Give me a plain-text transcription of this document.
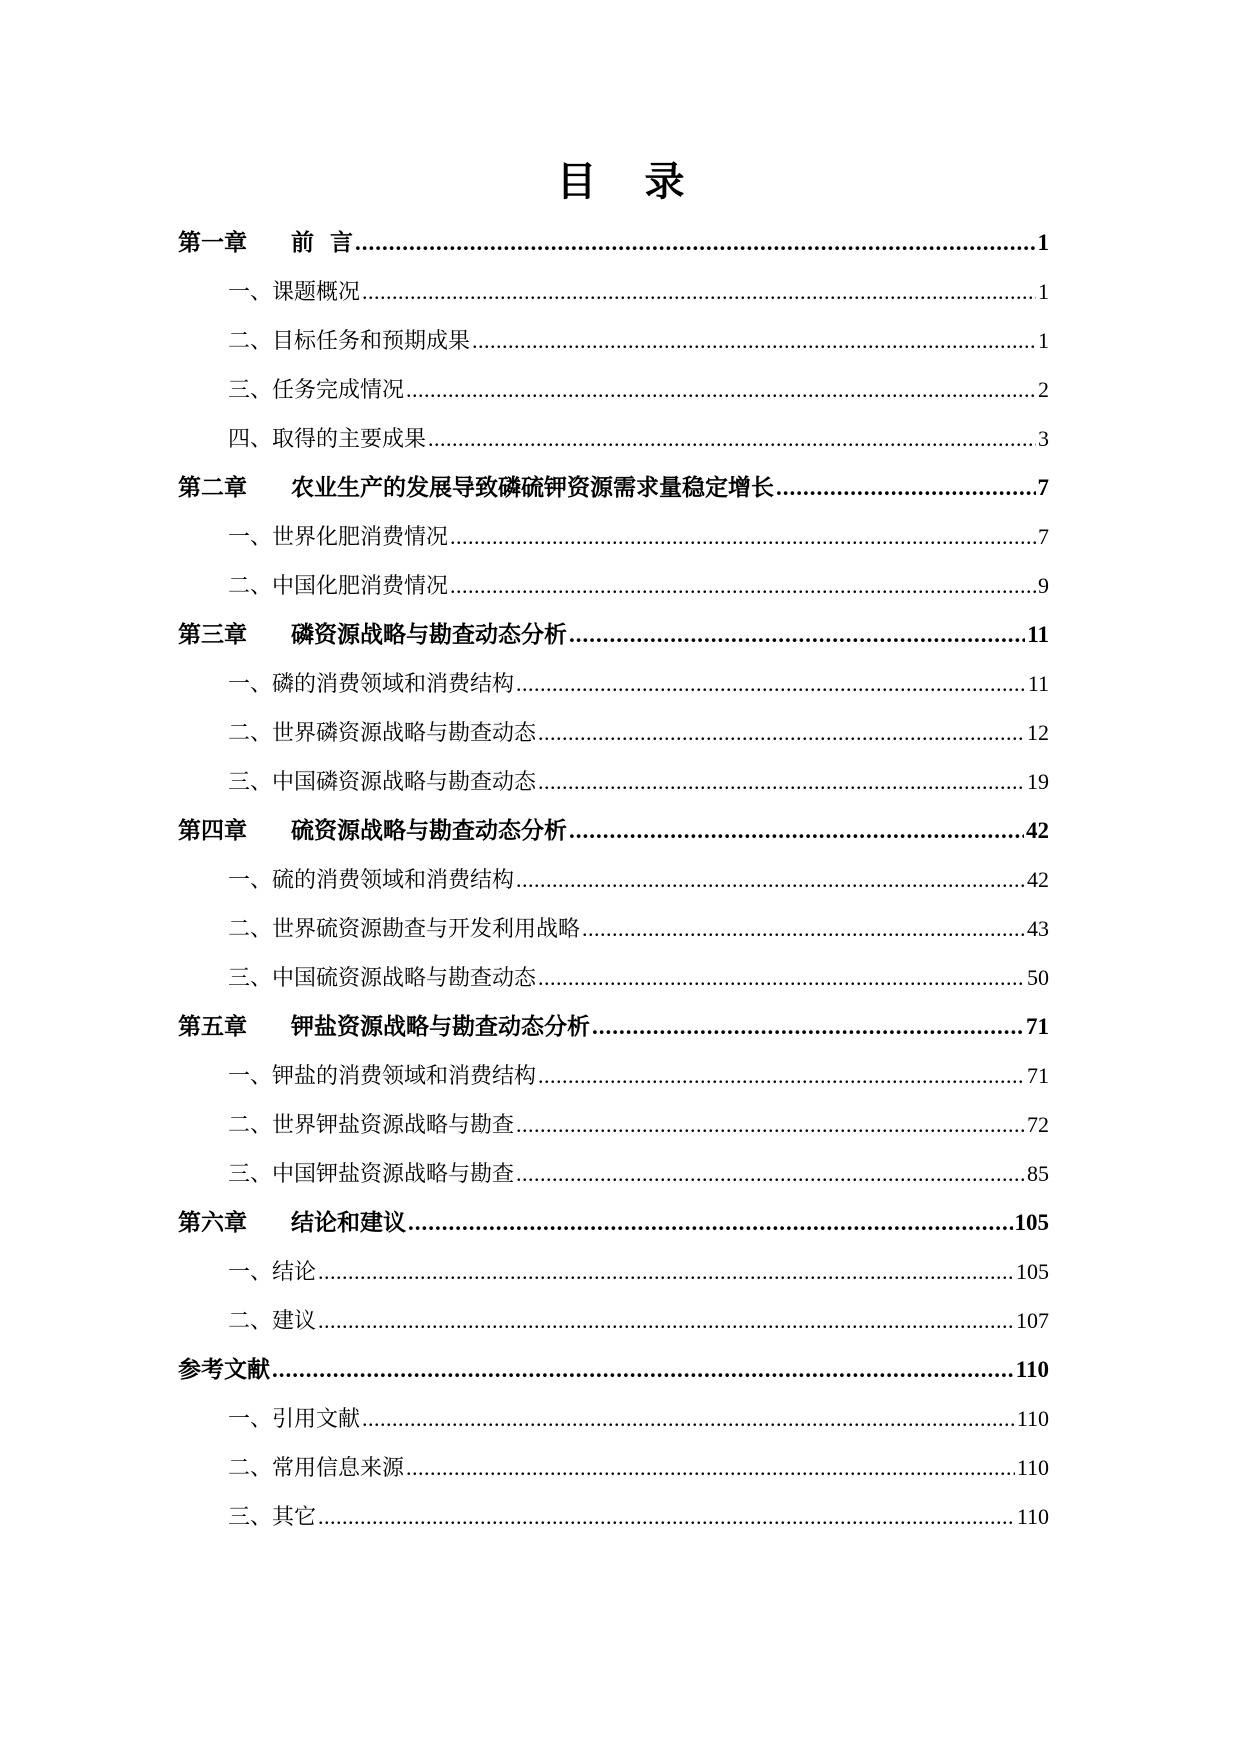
目 录
第一章	前  言 .....	1
一、课题概况 .....	1
二、目标任务和预期成果 .....	1
三、任务完成情况 .....	2
四、取得的主要成果 .....	3
第二章	农业生产的发展导致磷硫钾资源需求量稳定增长 .....	7
一、世界化肥消费情况 .....	7
二、中国化肥消费情况 .....	9
第三章	磷资源战略与勘查动态分析 .....	11
一、磷的消费领域和消费结构 .....	11
二、世界磷资源战略与勘查动态 .....	12
三、中国磷资源战略与勘查动态 .....	19
第四章	硫资源战略与勘查动态分析 .....	42
一、硫的消费领域和消费结构 .....	42
二、世界硫资源勘查与开发利用战略 .....	43
三、中国硫资源战略与勘查动态 .....	50
第五章	钾盐资源战略与勘查动态分析 .....	71
一、钾盐的消费领域和消费结构 .....	71
二、世界钾盐资源战略与勘查 .....	72
三、中国钾盐资源战略与勘查 .....	85
第六章	结论和建议 .....	105
一、结论 .....	105
二、建议 .....	107
参考文献 .....	110
一、引用文献 .....	110
二、常用信息来源 .....	110
三、其它 .....	110
